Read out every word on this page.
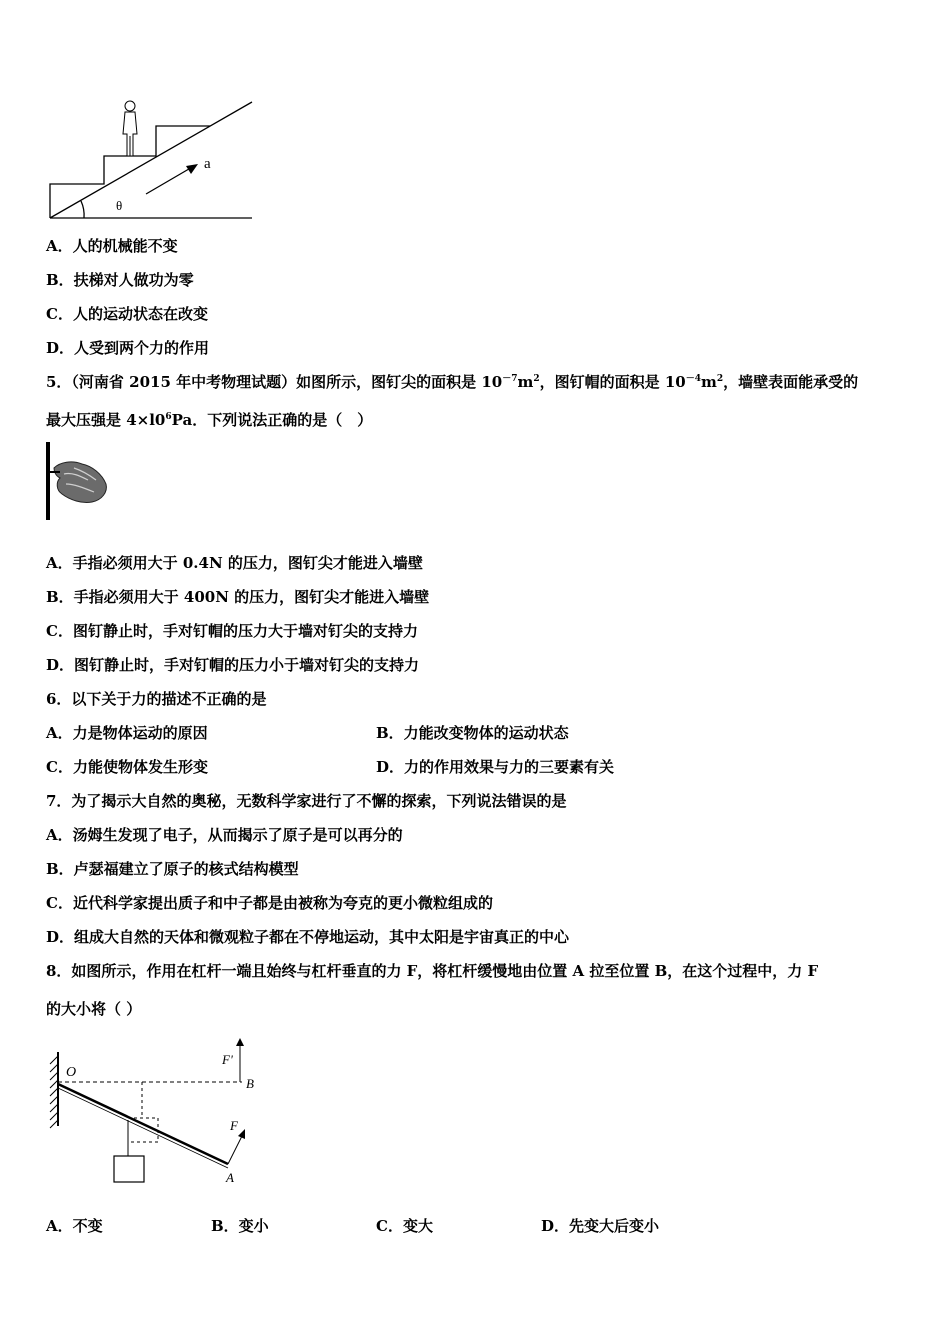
a
θ
A．人的机械能不变
B．扶梯对人做功为零
C．人的运动状态在改变
D．人受到两个力的作用
5．（河南省 2015 年中考物理试题）如图所示，图钉尖的面积是 $10^{-7}m^2$，图钉帽的面积是 $10^{-4}m^2$，墙壁表面能承受的
最大压强是 $4\times l0^6Pa$．下列说法正确的是（　）
A．手指必须用大于 0.4N 的压力，图钉尖才能进入墙壁
B．手指必须用大于 400N 的压力，图钉尖才能进入墙壁
C．图钉静止时，手对钉帽的压力大于墙对钉尖的支持力
D．图钉静止时，手对钉帽的压力小于墙对钉尖的支持力
6．以下关于力的描述不正确的是
A．力是物体运动的原因	B．力能改变物体的运动状态
C．力能使物体发生形变	D．力的作用效果与力的三要素有关
7．为了揭示大自然的奥秘，无数科学家进行了不懈的探索，下列说法错误的是
A．汤姆生发现了电子，从而揭示了原子是可以再分的
B．卢瑟福建立了原子的核式结构模型
C．近代科学家提出质子和中子都是由被称为夸克的更小微粒组成的
D．组成大自然的天体和微观粒子都在不停地运动，其中太阳是宇宙真正的中心
8．如图所示，作用在杠杆一端且始终与杠杆垂直的力 F，将杠杆缓慢地由位置 A 拉至位置 B，在这个过程中，力 F
的大小将（ ）
O
F'
B
F
A
A．不变	B．变小	C．变大	D．先变大后变小
